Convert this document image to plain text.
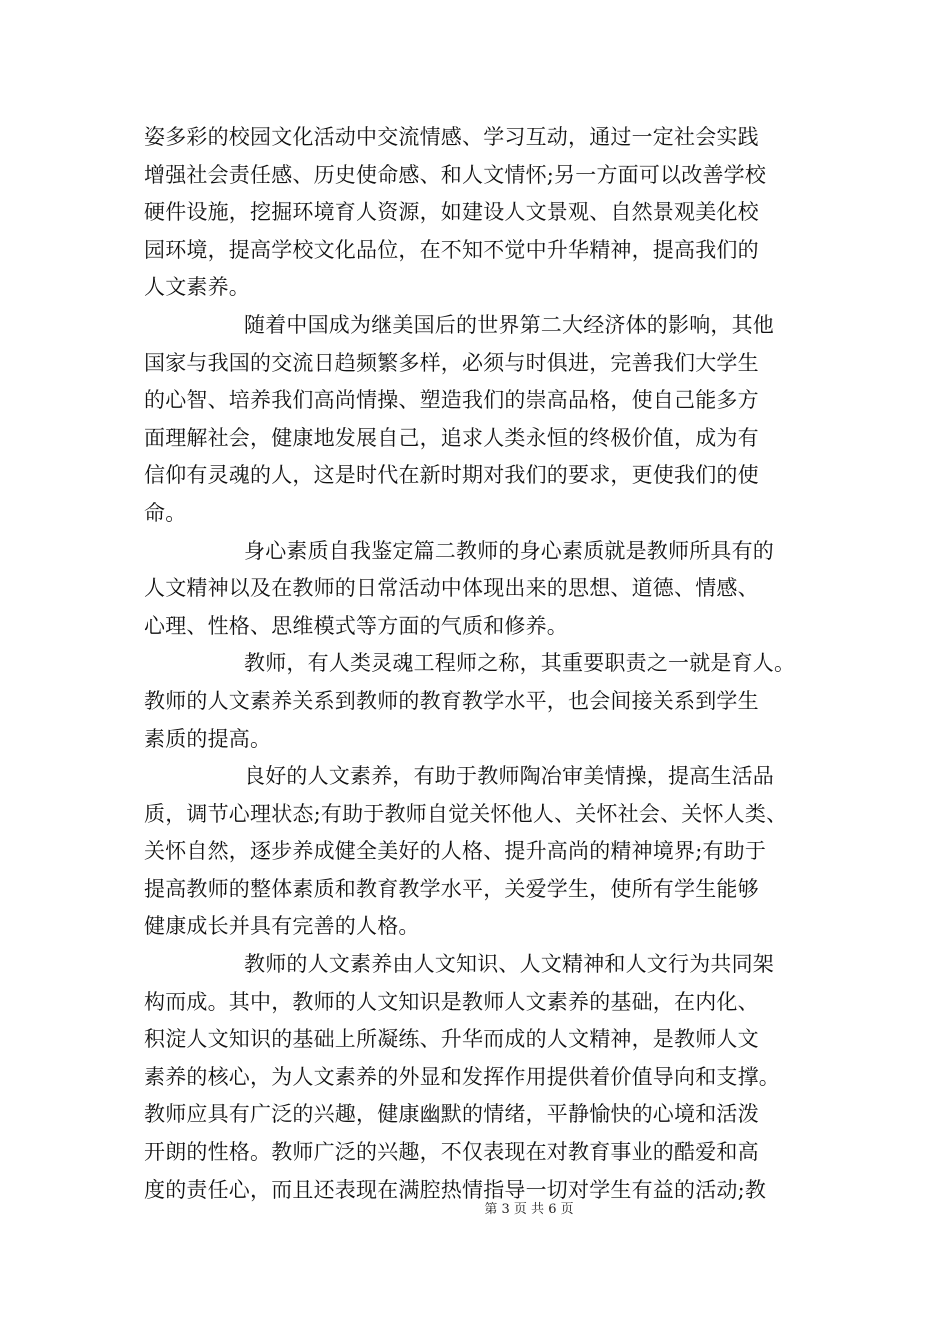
姿多彩的校园文化活动中交流情感、学习互动，通过一定社会实践
增强社会责任感、历史使命感、和人文情怀;另一方面可以改善学校
硬件设施，挖掘环境育人资源，如建设人文景观、自然景观美化校
园环境，提高学校文化品位，在不知不觉中升华精神，提高我们的
人文素养。
随着中国成为继美国后的世界第二大经济体的影响，其他
国家与我国的交流日趋频繁多样，必须与时俱进，完善我们大学生
的心智、培养我们高尚情操、塑造我们的崇高品格，使自己能多方
面理解社会，健康地发展自己，追求人类永恒的终极价值，成为有
信仰有灵魂的人，这是时代在新时期对我们的要求，更使我们的使
命。
身心素质自我鉴定篇二教师的身心素质就是教师所具有的
人文精神以及在教师的日常活动中体现出来的思想、道德、情感、
心理、性格、思维模式等方面的气质和修养。
教师，有人类灵魂工程师之称，其重要职责之一就是育人。
教师的人文素养关系到教师的教育教学水平，也会间接关系到学生
素质的提高。
良好的人文素养，有助于教师陶冶审美情操，提高生活品
质，调节心理状态;有助于教师自觉关怀他人、关怀社会、关怀人类、
关怀自然，逐步养成健全美好的人格、提升高尚的精神境界;有助于
提高教师的整体素质和教育教学水平，关爱学生，使所有学生能够
健康成长并具有完善的人格。
教师的人文素养由人文知识、人文精神和人文行为共同架
构而成。其中，教师的人文知识是教师人文素养的基础，在内化、
积淀人文知识的基础上所凝练、升华而成的人文精神，是教师人文
素养的核心，为人文素养的外显和发挥作用提供着价值导向和支撑。
教师应具有广泛的兴趣，健康幽默的情绪，平静愉快的心境和活泼
开朗的性格。教师广泛的兴趣，不仅表现在对教育事业的酷爱和高
度的责任心，而且还表现在满腔热情指导一切对学生有益的活动;教
第 3 页 共 6 页
